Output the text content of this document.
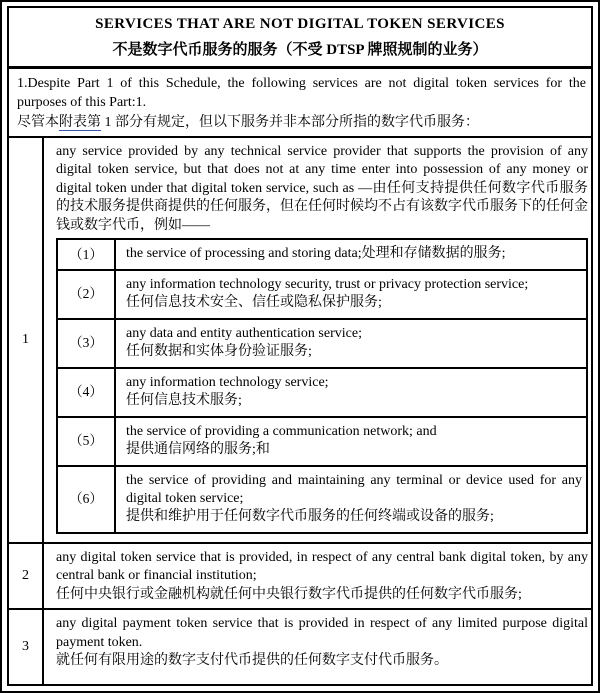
SERVICES THAT ARE NOT DIGITAL TOKEN SERVICES
不是数字代币服务的服务（不受 DTSP 牌照规制的业务）
1.Despite Part 1 of this Schedule, the following services are not digital token services for the purposes of this Part:1.
尽管本附表第 1 部分有规定，但以下服务并非本部分所指的数字代币服务：
1
any service provided by any technical service provider that supports the provision of any digital token service, but that does not at any time enter into possession of any money or digital token under that digital token service, such as —由任何支持提供任何数字代币服务的技术服务提供商提供的任何服务，但在任何时候均不占有该数字代币服务下的任何金钱或数字代币，例如——
（1）	the service of processing and storing data;处理和存储数据的服务;
（2）
any information technology security, trust or privacy protection service;
任何信息技术安全、信任或隐私保护服务;
（3）
any data and entity authentication service;
任何数据和实体身份验证服务;
（4）
any information technology service;
任何信息技术服务;
（5）
the service of providing a communication network; and
提供通信网络的服务;和
（6）
the service of providing and maintaining any terminal or device used for any digital token service;
提供和维护用于任何数字代币服务的任何终端或设备的服务;
2
any digital token service that is provided, in respect of any central bank digital token, by any central bank or financial institution;
任何中央银行或金融机构就任何中央银行数字代币提供的任何数字代币服务;
3
any digital payment token service that is provided in respect of any limited purpose digital payment token.
就任何有限用途的数字支付代币提供的任何数字支付代币服务。
